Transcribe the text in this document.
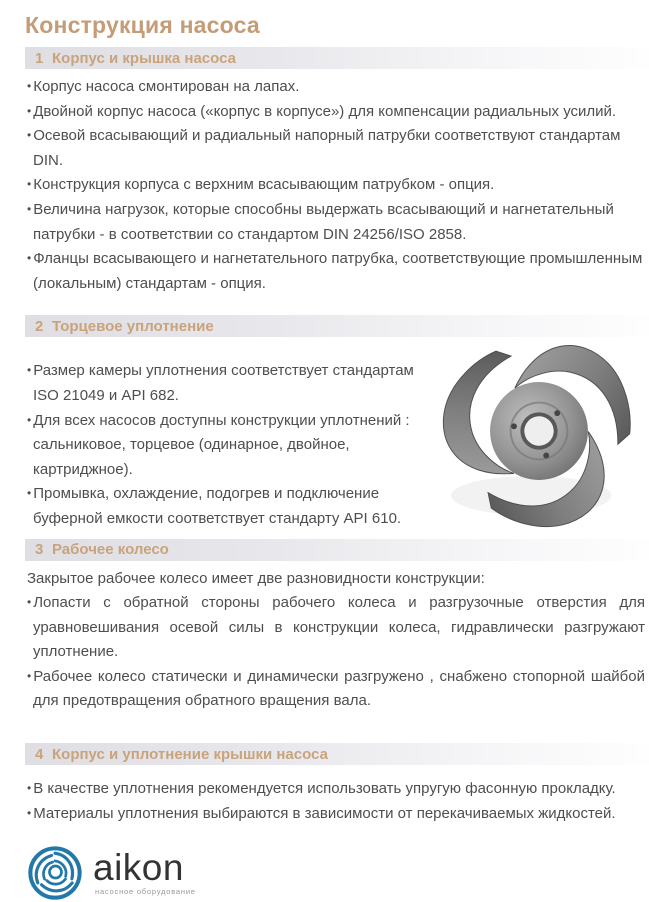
Конструкция насоса
1 Корпус и крышка насоса
• Корпус насоса смонтирован на лапах.
• Двойной корпус насоса («корпус в корпусе») для компенсации радиальных усилий.
• Осевой всасывающий и радиальный напорный патрубки соответствуют стандартам DIN.
• Конструкция корпуса с верхним всасывающим патрубком - опция.
• Величина нагрузок, которые способны выдержать всасывающий и нагнетательный патрубки - в соответствии со стандартом DIN 24256/ISO 2858.
• Фланцы всасывающего и нагнетательного патрубка, соответствующие промышленным (локальным) стандартам - опция.
2 Торцевое уплотнение
• Размер камеры уплотнения соответствует стандартам ISO 21049 и API 682.
• Для всех насосов доступны конструкции уплотнений : сальниковое, торцевое (одинарное, двойное, картриджное).
• Промывка, охлаждение, подогрев и подключение буферной емкости соответствует стандарту API 610.
3 Рабочее колесо
Закрытое рабочее колесо имеет две разновидности конструкции:
• Лопасти с обратной стороны рабочего колеса и разгрузочные отверстия для уравновешивания осевой силы в конструкции колеса, гидравлически разгружают уплотнение.
• Рабочее колесо статически и динамически разгружено , снабжено стопорной шайбой для предотвращения обратного вращения вала.
4 Корпус и уплотнение крышки насоса
• В качестве уплотнения рекомендуется использовать упругую фасонную прокладку.
• Материалы уплотнения выбираются в зависимости от перекачиваемых жидкостей.
aikon
насосное оборудование
